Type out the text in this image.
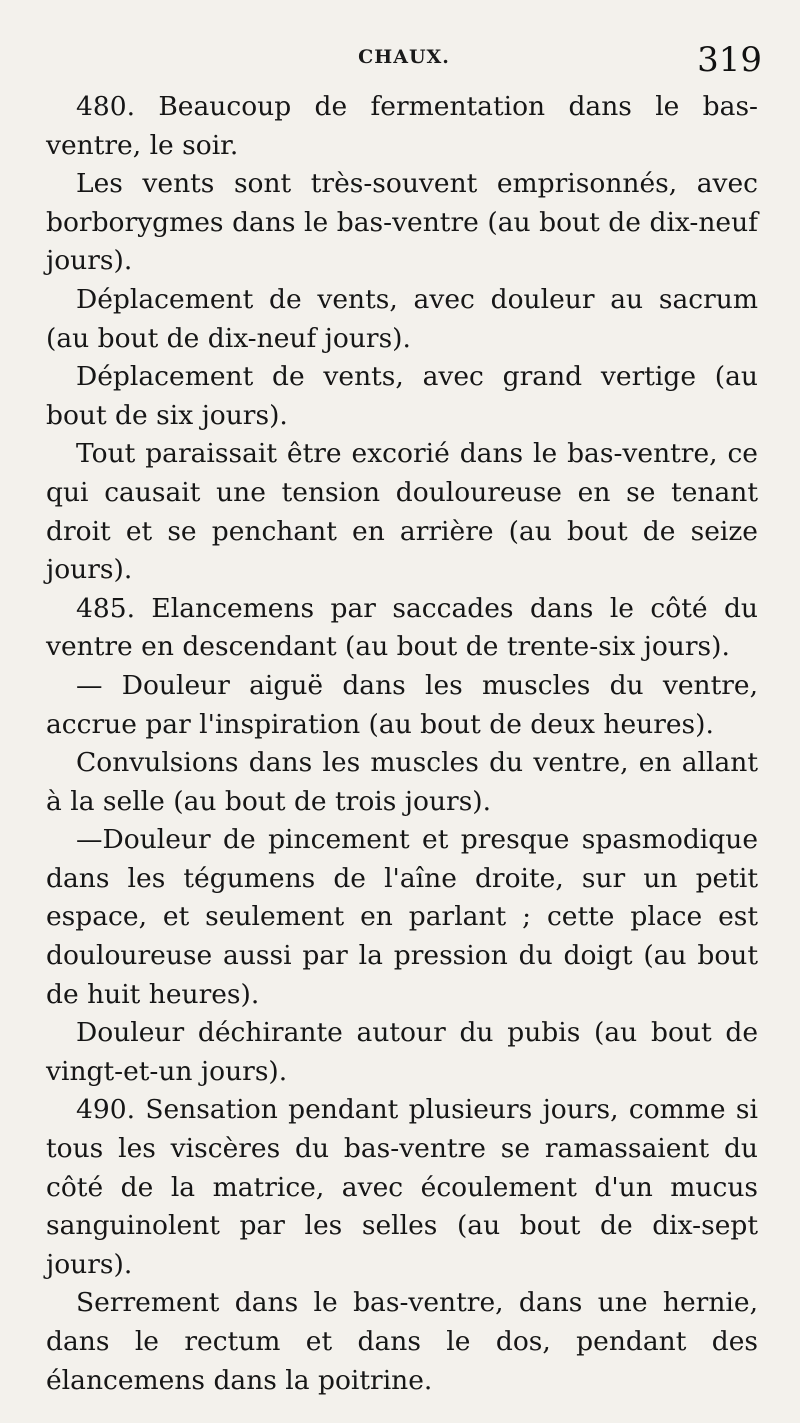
CHAUX.	319

480. Beaucoup de fermentation dans le bas-ventre, le soir.

Les vents sont très-souvent emprisonnés, avec borborygmes dans le bas-ventre (au bout de dix-neuf jours).

Déplacement de vents, avec douleur au sacrum (au bout de dix-neuf jours).

Déplacement de vents, avec grand vertige (au bout de six jours).

Tout paraissait être excorié dans le bas-ventre, ce qui causait une tension douloureuse en se tenant droit et se penchant en arrière (au bout de seize jours).

485. Elancemens par saccades dans le côté du ventre en descendant (au bout de trente-six jours).

— Douleur aiguë dans les muscles du ventre, accrue par l'inspiration (au bout de deux heures).

Convulsions dans les muscles du ventre, en allant à la selle (au bout de trois jours).

—Douleur de pincement et presque spasmodique dans les tégumens de l'aîne droite, sur un petit espace, et seulement en parlant ; cette place est douloureuse aussi par la pression du doigt (au bout de huit heures).

Douleur déchirante autour du pubis (au bout de vingt-et-un jours).

490. Sensation pendant plusieurs jours, comme si tous les viscères du bas-ventre se ramassaient du côté de la matrice, avec écoulement d'un mucus sanguinolent par les selles (au bout de dix-sept jours).

Serrement dans le bas-ventre, dans une hernie, dans le rectum et dans le dos, pendant des élancemens dans la poitrine.
